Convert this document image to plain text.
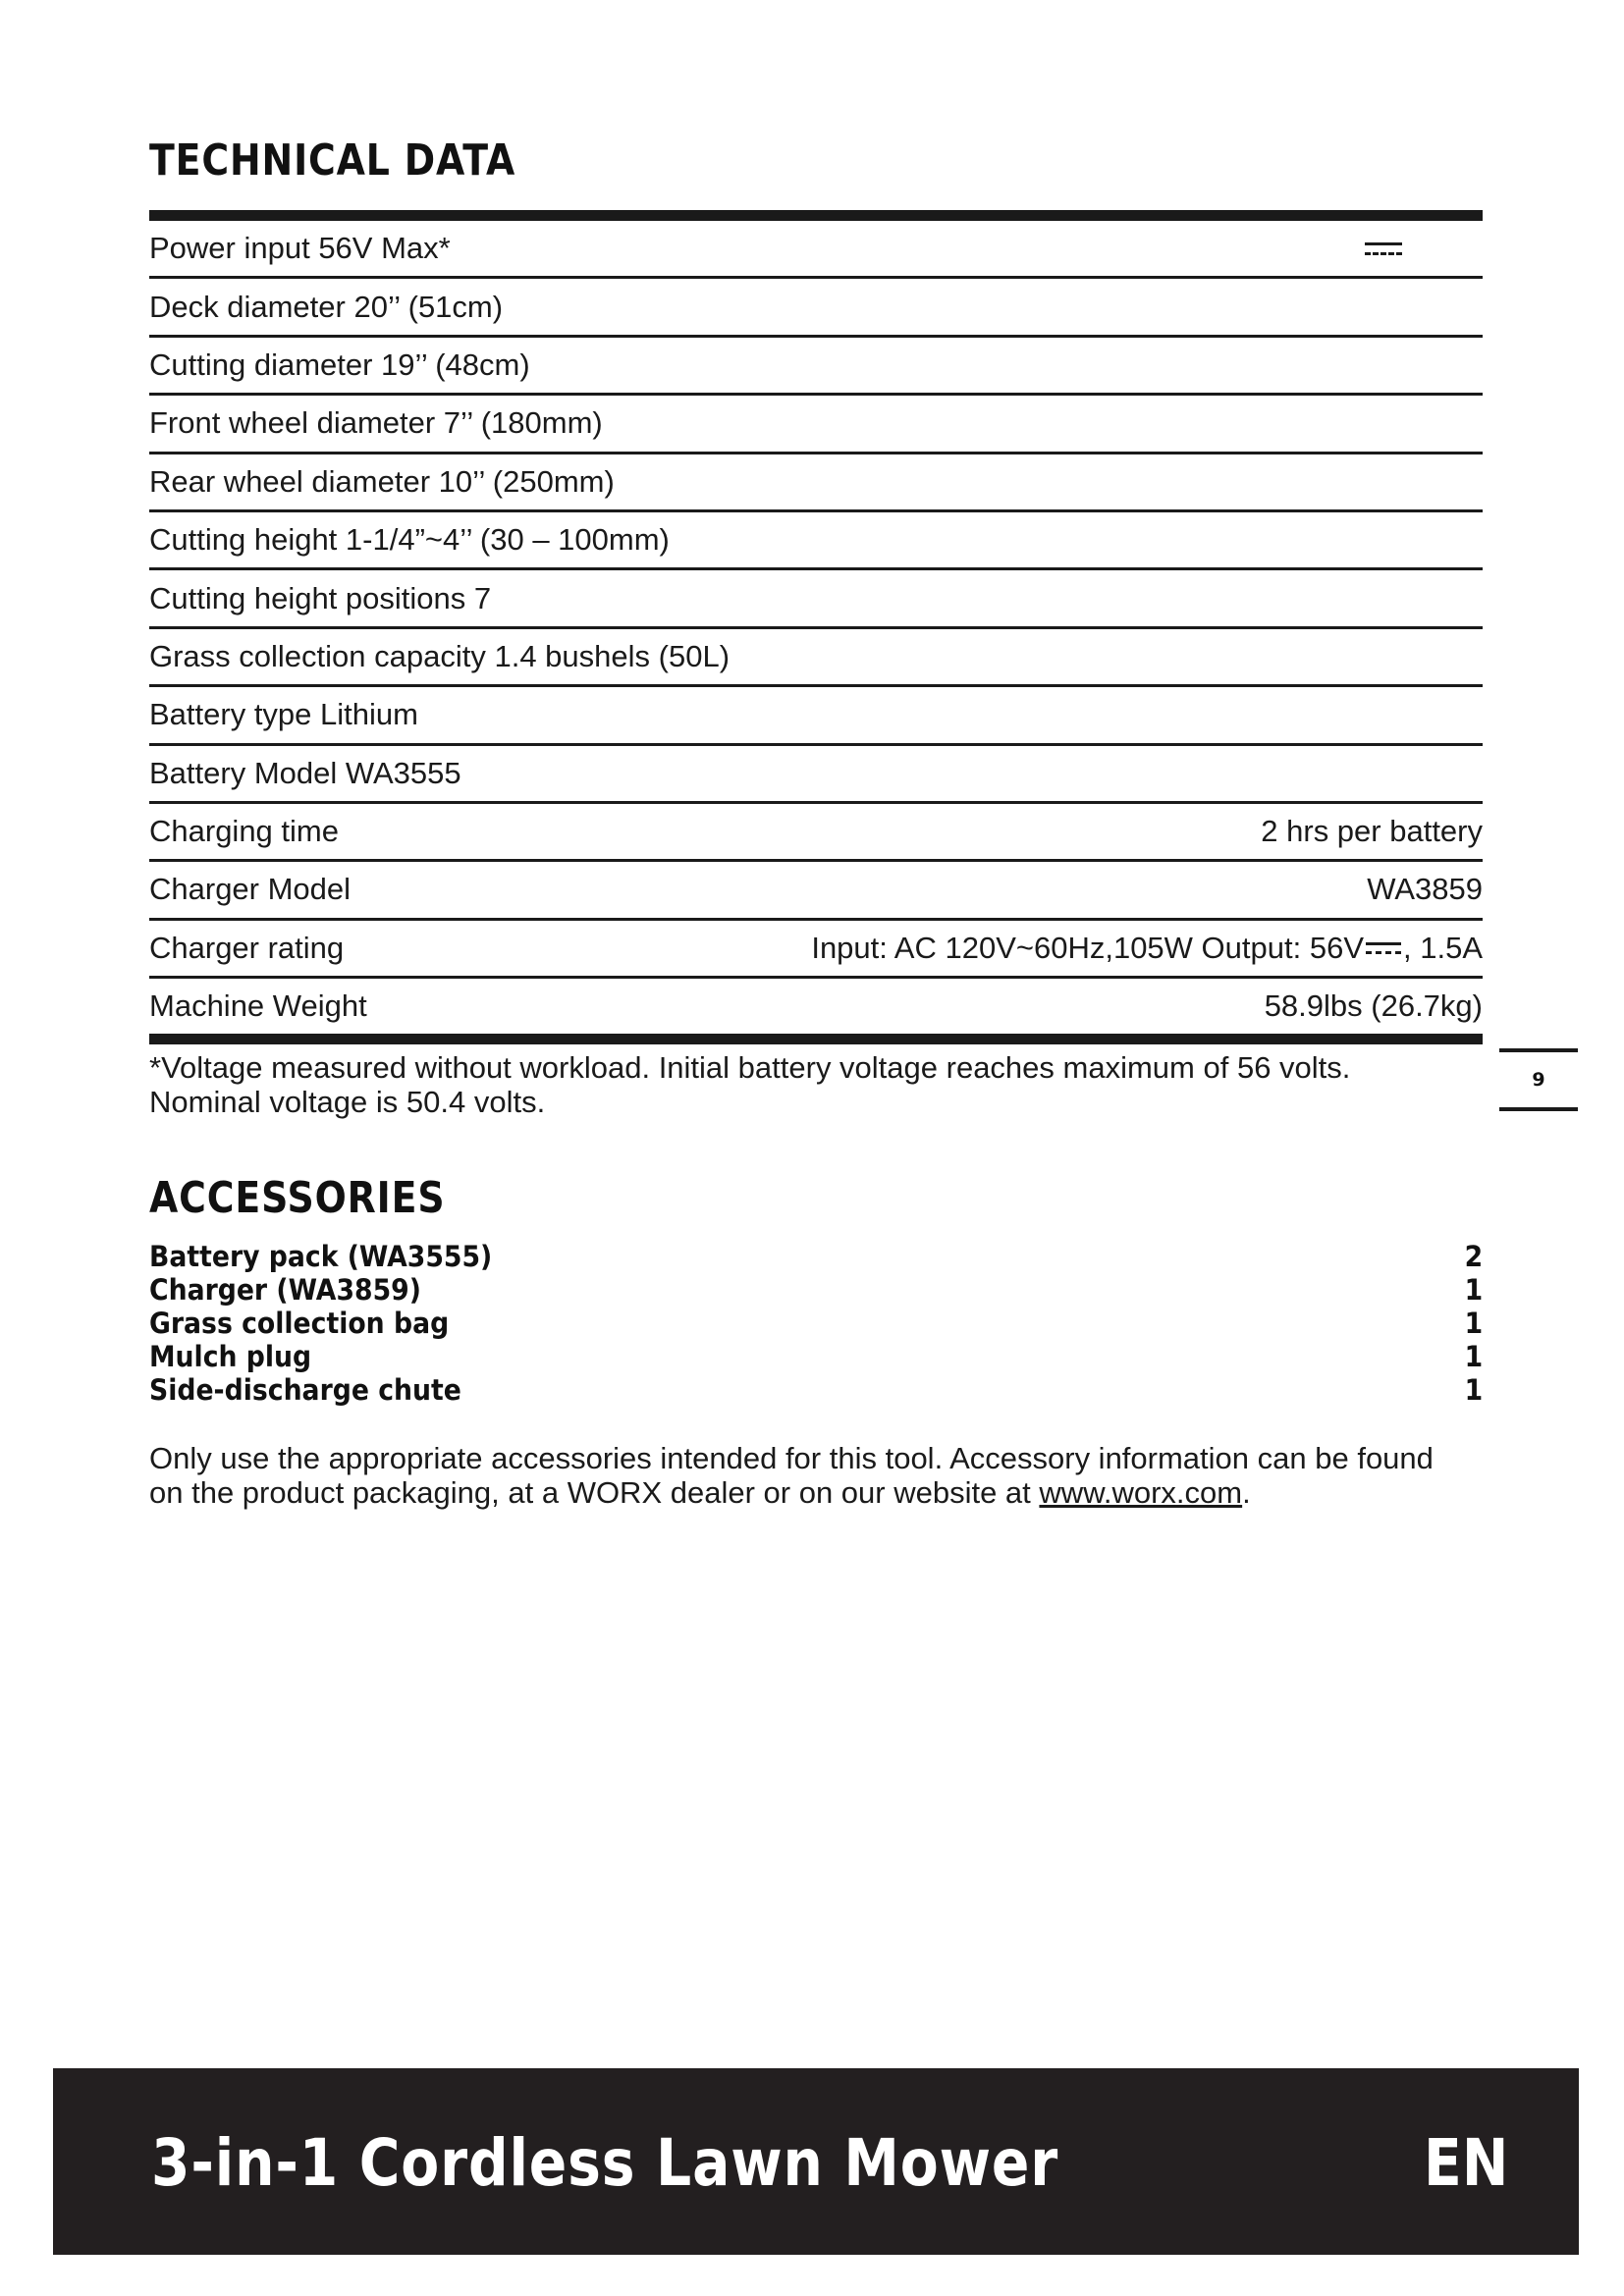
TECHNICAL DATA
Power input 56V Max*
Deck diameter 20’’ (51cm)
Cutting diameter 19’’ (48cm)
Front wheel diameter 7’’ (180mm)
Rear wheel diameter 10’’ (250mm)
Cutting height 1-1/4”~4’’ (30 – 100mm)
Cutting height positions 7
Grass collection capacity 1.4 bushels (50L)
Battery type Lithium
Battery Model WA3555
Charging time	2 hrs per battery
Charger Model	WA3859
Charger rating	Input: AC 120V~60Hz,105W Output: 56V , 1.5A
Machine Weight	58.9lbs (26.7kg)

*Voltage measured without workload. Initial battery voltage reaches maximum of 56 volts.

Nominal voltage is 50.4 volts.

9
ACCESSORIES
Battery pack (WA3555)	2
Charger (WA3859)	1
Grass collection bag	1
Mulch plug	1
Side-discharge chute	1

Only use the appropriate accessories intended for this tool. Accessory information can be found

on the product packaging, at a WORX dealer or on our website at www.worx.com.

3-in-1 Cordless Lawn Mower	EN
